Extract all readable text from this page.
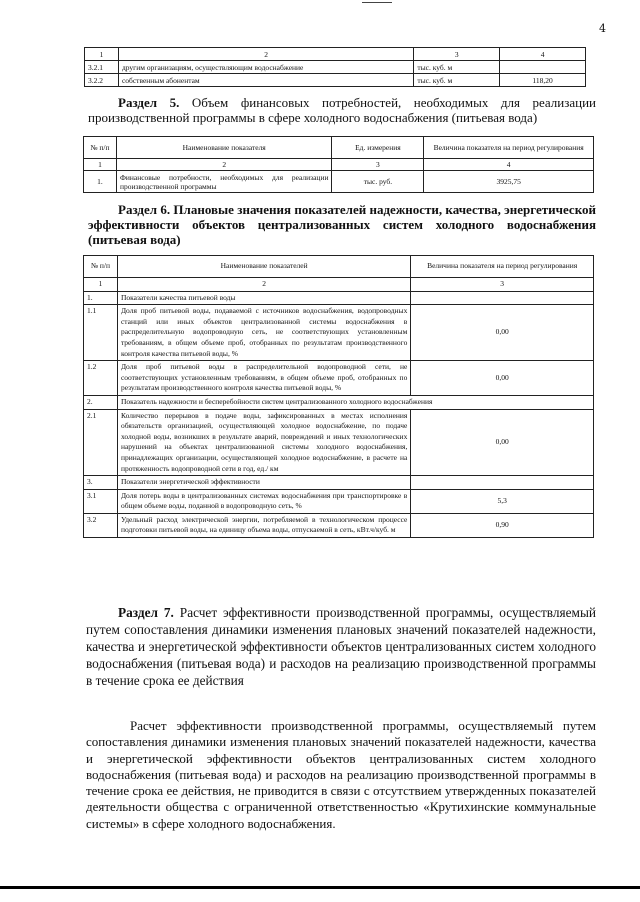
4
1	2	3	4
3.2.1	другим организациям, осуществляющим водоснабжение	тыс. куб. м	
3.2.2	собственным абонентам	тыс. куб. м	118,20
Раздел 5. Объем финансовых потребностей, необходимых для реализации производственной программы в сфере холодного водоснабжения (питьевая вода)
№ п/п	Наименование показателя	Ед. измерения	Величина показателя на период регулирования
1	2	3	4
1.	Финансовые потребности, необходимых для реализации производственной программы	тыс. руб.	3925,75
Раздел 6. Плановые значения показателей надежности, качества, энергетической эффективности объектов централизованных систем холодного водоснабжения (питьевая вода)
№ п/п	Наименование показателей	Величина показателя на период регулирования
1	2	3
1.	Показатели качества питьевой воды	
1.1	Доля проб питьевой воды, подаваемой с источников водоснабжения, водопроводных станций или иных объектов централизованной системы водоснабжения в распределительную водопроводную сеть, не соответствующих установленным требованиям, в общем объеме проб, отобранных по результатам производственного контроля качества питьевой воды, %	0,00
1.2	Доля проб питьевой воды в распределительной водопроводной сети, не соответствующих установленным требованиям, в общем объеме проб, отобранных по результатам производственного контроля качества питьевой воды, %	0,00
2.	Показатель надежности и бесперебойности систем централизованного холодного водоснабжения	
2.1	Количество перерывов в подаче воды, зафиксированных в местах исполнения обязательств организацией, осуществляющей холодное водоснабжение, по подаче холодной воды, возникших в результате аварий, повреждений и иных технологических нарушений на объектах централизованной системы холодного водоснабжения, принадлежащих организации, осуществляющей холодное водоснабжение, в расчете на протяженность водопроводной сети в год, ед./ км	0,00
3.	Показатели энергетической эффективности	
3.1	Доля потерь воды в централизованных системах водоснабжения при транспортировке в общем объеме воды, поданной в водопроводную сеть, %	5,3
3.2	Удельный расход электрической энергии, потребляемой в технологическом процессе подготовки питьевой воды, на единицу объема воды, отпускаемой в сеть, кВт.ч/куб. м	0,90
Раздел 7. Расчет эффективности производственной программы, осуществляемый путем сопоставления динамики изменения плановых значений показателей надежности, качества и энергетической эффективности объектов централизованных систем холодного водоснабжения (питьевая вода) и расходов на реализацию производственной программы в течение срока ее действия
Расчет эффективности производственной программы, осуществляемый путем сопоставления динамики изменения плановых значений показателей надежности, качества и энергетической эффективности объектов централизованных систем холодного водоснабжения (питьевая вода) и расходов на реализацию производственной программы в течение срока ее действия, не приводится в связи с отсутствием утвержденных показателей деятельности общества с ограниченной ответственностью «Крутихинские коммунальные системы» в сфере холодного водоснабжения.
